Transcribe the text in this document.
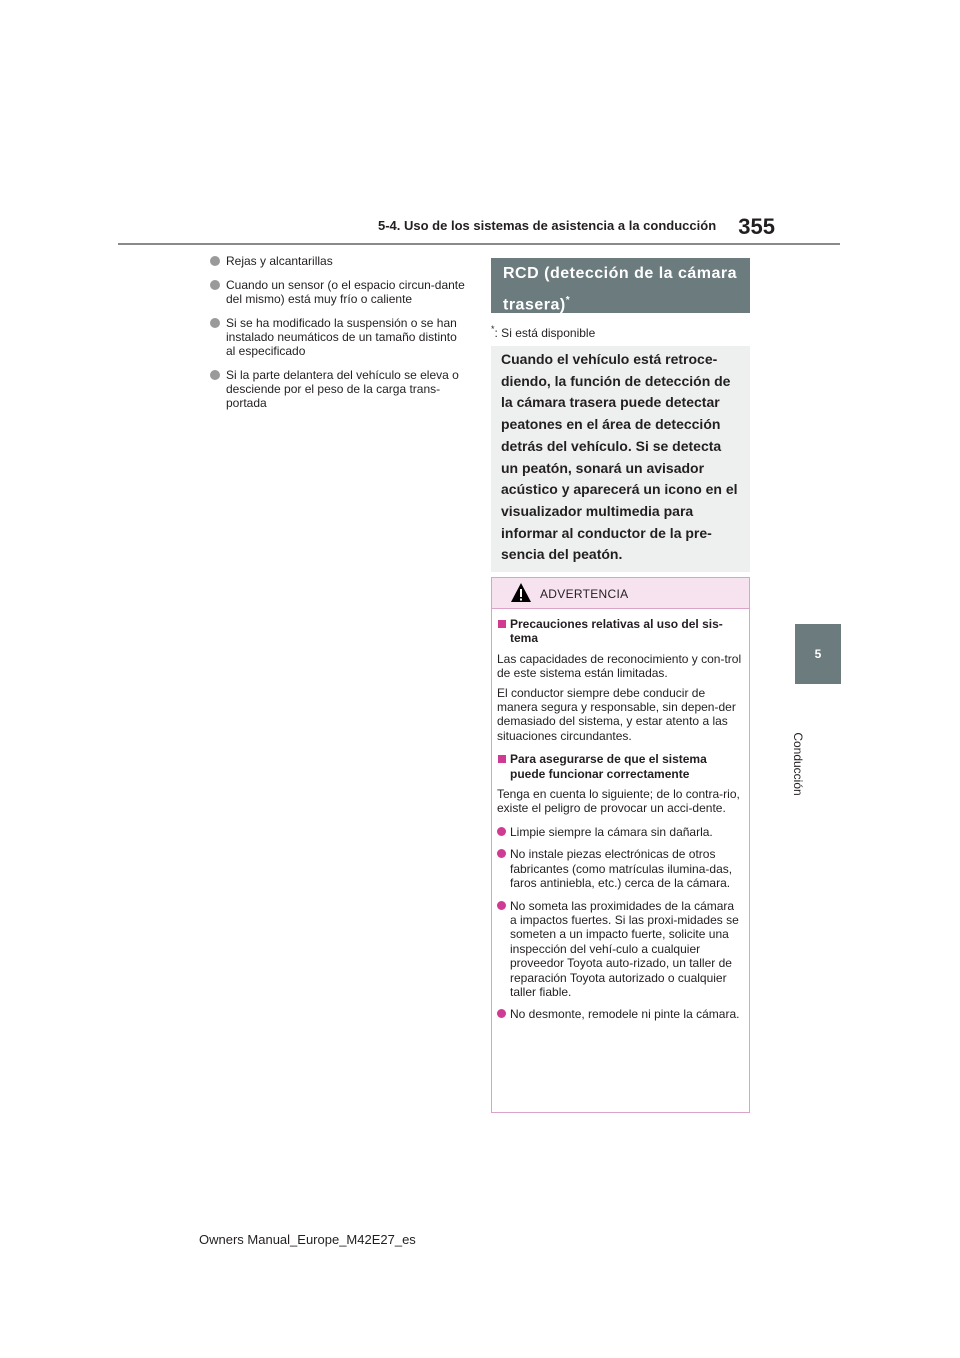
5-4. Uso de los sistemas de asistencia a la conducción	355
5
Conducción
Rejas y alcantarillas
Cuando un sensor (o el espacio circun-dante del mismo) está muy frío o caliente
Si se ha modificado la suspensión o se han instalado neumáticos de un tamaño distinto al especificado
Si la parte delantera del vehículo se eleva o desciende por el peso de la carga trans-portada
RCD (detección de la cámara trasera)*
*: Si está disponible
Cuando el vehículo está retroce-diendo, la función de detección de la cámara trasera puede detectar peatones en el área de detección detrás del vehículo. Si se detecta un peatón, sonará un avisador acústico y aparecerá un icono en el visualizador multimedia para informar al conductor de la pre-sencia del peatón.
ADVERTENCIA
Precauciones relativas al uso del sis-tema
Las capacidades de reconocimiento y con-trol de este sistema están limitadas.
El conductor siempre debe conducir de manera segura y responsable, sin depen-der demasiado del sistema, y estar atento a las situaciones circundantes.
Para asegurarse de que el sistema puede funcionar correctamente
Tenga en cuenta lo siguiente; de lo contra-rio, existe el peligro de provocar un acci-dente.
Limpie siempre la cámara sin dañarla.
No instale piezas electrónicas de otros fabricantes (como matrículas ilumina-das, faros antiniebla, etc.) cerca de la cámara.
No someta las proximidades de la cámara a impactos fuertes. Si las proxi-midades se someten a un impacto fuerte, solicite una inspección del vehí-culo a cualquier proveedor Toyota auto-rizado, un taller de reparación Toyota autorizado o cualquier taller fiable.
No desmonte, remodele ni pinte la cámara.
Owners Manual_Europe_M42E27_es
